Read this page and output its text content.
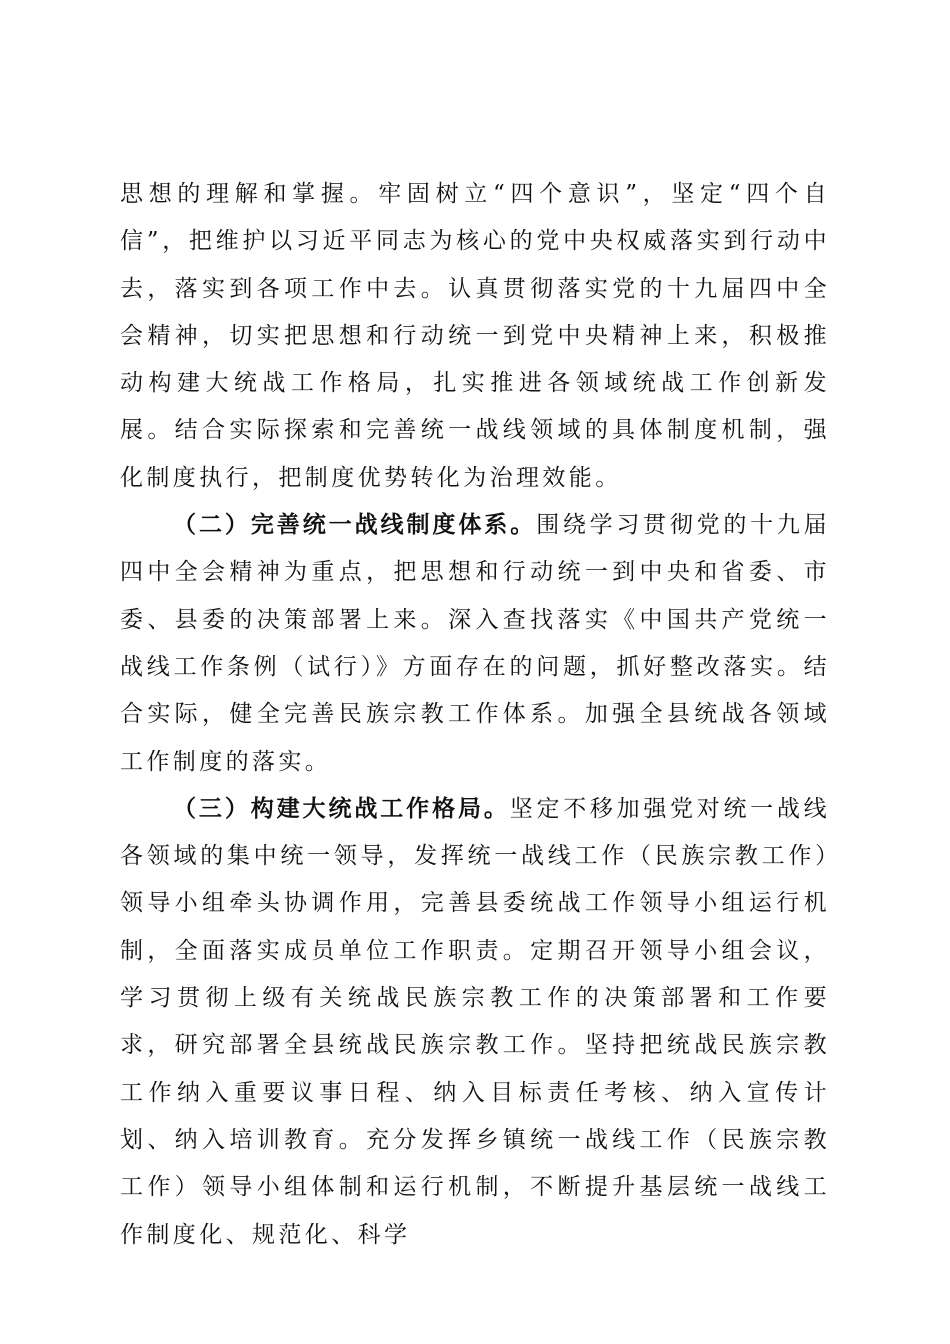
思想的理解和掌握。牢固树立“四个意识”，坚定“四个自信”，把维护以习近平同志为核心的党中央权威落实到行动中去，落实到各项工作中去。认真贯彻落实党的十九届四中全会精神，切实把思想和行动统一到党中央精神上来，积极推动构建大统战工作格局，扎实推进各领域统战工作创新发展。结合实际探索和完善统一战线领域的具体制度机制，强化制度执行，把制度优势转化为治理效能。

（二）完善统一战线制度体系。围绕学习贯彻党的十九届四中全会精神为重点，把思想和行动统一到中央和省委、市委、县委的决策部署上来。深入查找落实《中国共产党统一战线工作条例（试行）》方面存在的问题，抓好整改落实。结合实际，健全完善民族宗教工作体系。加强全县统战各领域工作制度的落实。

（三）构建大统战工作格局。坚定不移加强党对统一战线各领域的集中统一领导，发挥统一战线工作（民族宗教工作）领导小组牵头协调作用，完善县委统战工作领导小组运行机制，全面落实成员单位工作职责。定期召开领导小组会议，学习贯彻上级有关统战民族宗教工作的决策部署和工作要求，研究部署全县统战民族宗教工作。坚持把统战民族宗教工作纳入重要议事日程、纳入目标责任考核、纳入宣传计划、纳入培训教育。充分发挥乡镇统一战线工作（民族宗教工作）领导小组体制和运行机制，不断提升基层统一战线工作制度化、规范化、科学
